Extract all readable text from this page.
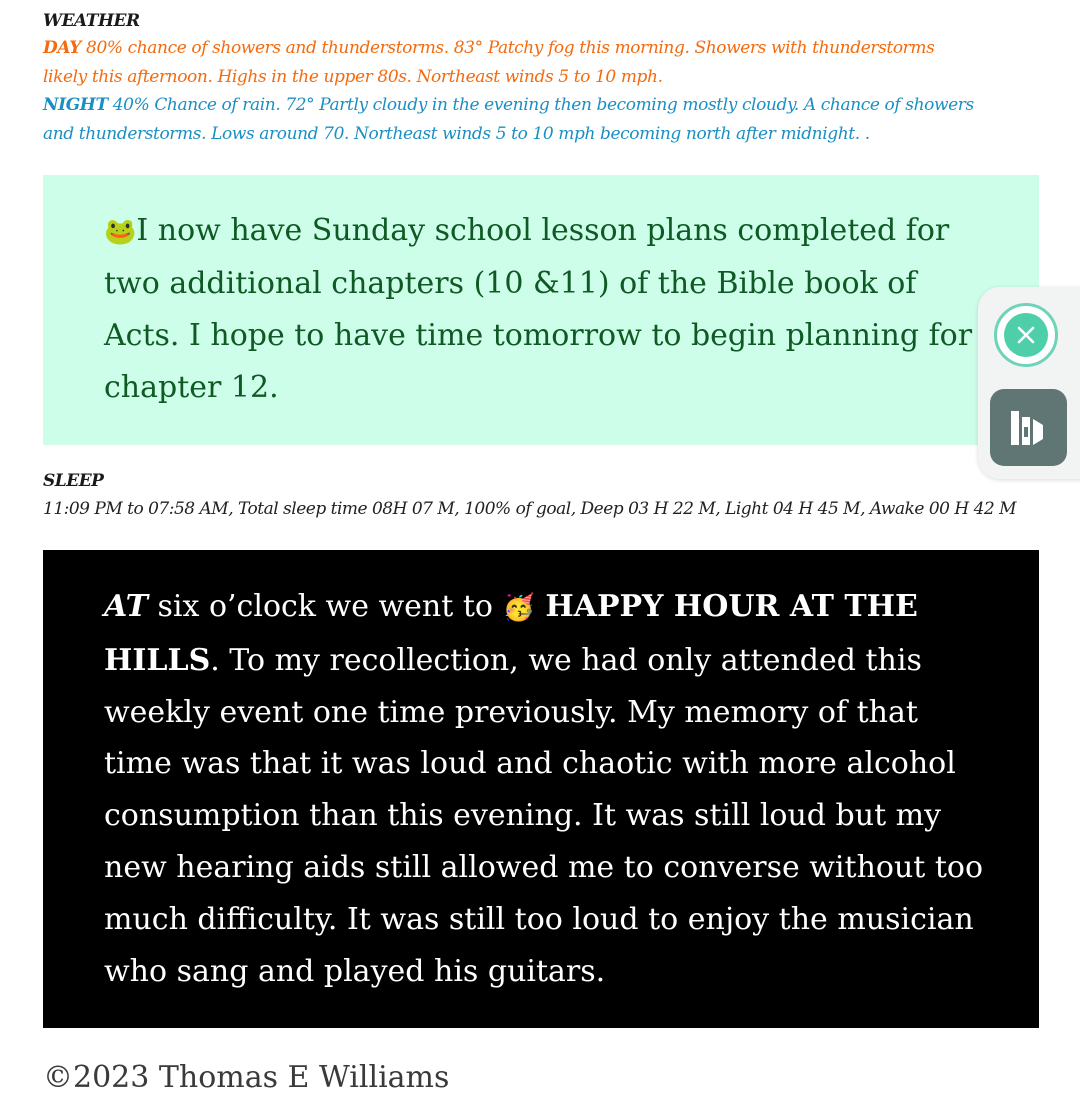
WEATHER
DAY 80% chance of showers and thunderstorms. 83° Patchy fog this morning. Showers with thunderstorms likely this afternoon. Highs in the upper 80s. Northeast winds 5 to 10 mph.
NIGHT 40% Chance of rain. 72° Partly cloudy in the evening then becoming mostly cloudy. A chance of showers and thunderstorms. Lows around 70. Northeast winds 5 to 10 mph becoming north after midnight. .
🐸I now have Sunday school lesson plans completed for two additional chapters (10 &11) of the Bible book of Acts. I hope to have time tomorrow to begin planning for chapter 12.
SLEEP
11:09 PM to 07:58 AM, Total sleep time 08H 07 M, 100% of goal, Deep 03 H 22 M, Light 04 H 45 M, Awake 00 H 42 M
AT six o’clock we went to 🥳 HAPPY HOUR AT THE HILLS. To my recollection, we had only attended this weekly event one time previously. My memory of that time was that it was loud and chaotic with more alcohol consumption than this evening. It was still loud but my new hearing aids still allowed me to converse without too much difficulty. It was still too loud to enjoy the musician who sang and played his guitars.
©2023 Thomas E Williams
